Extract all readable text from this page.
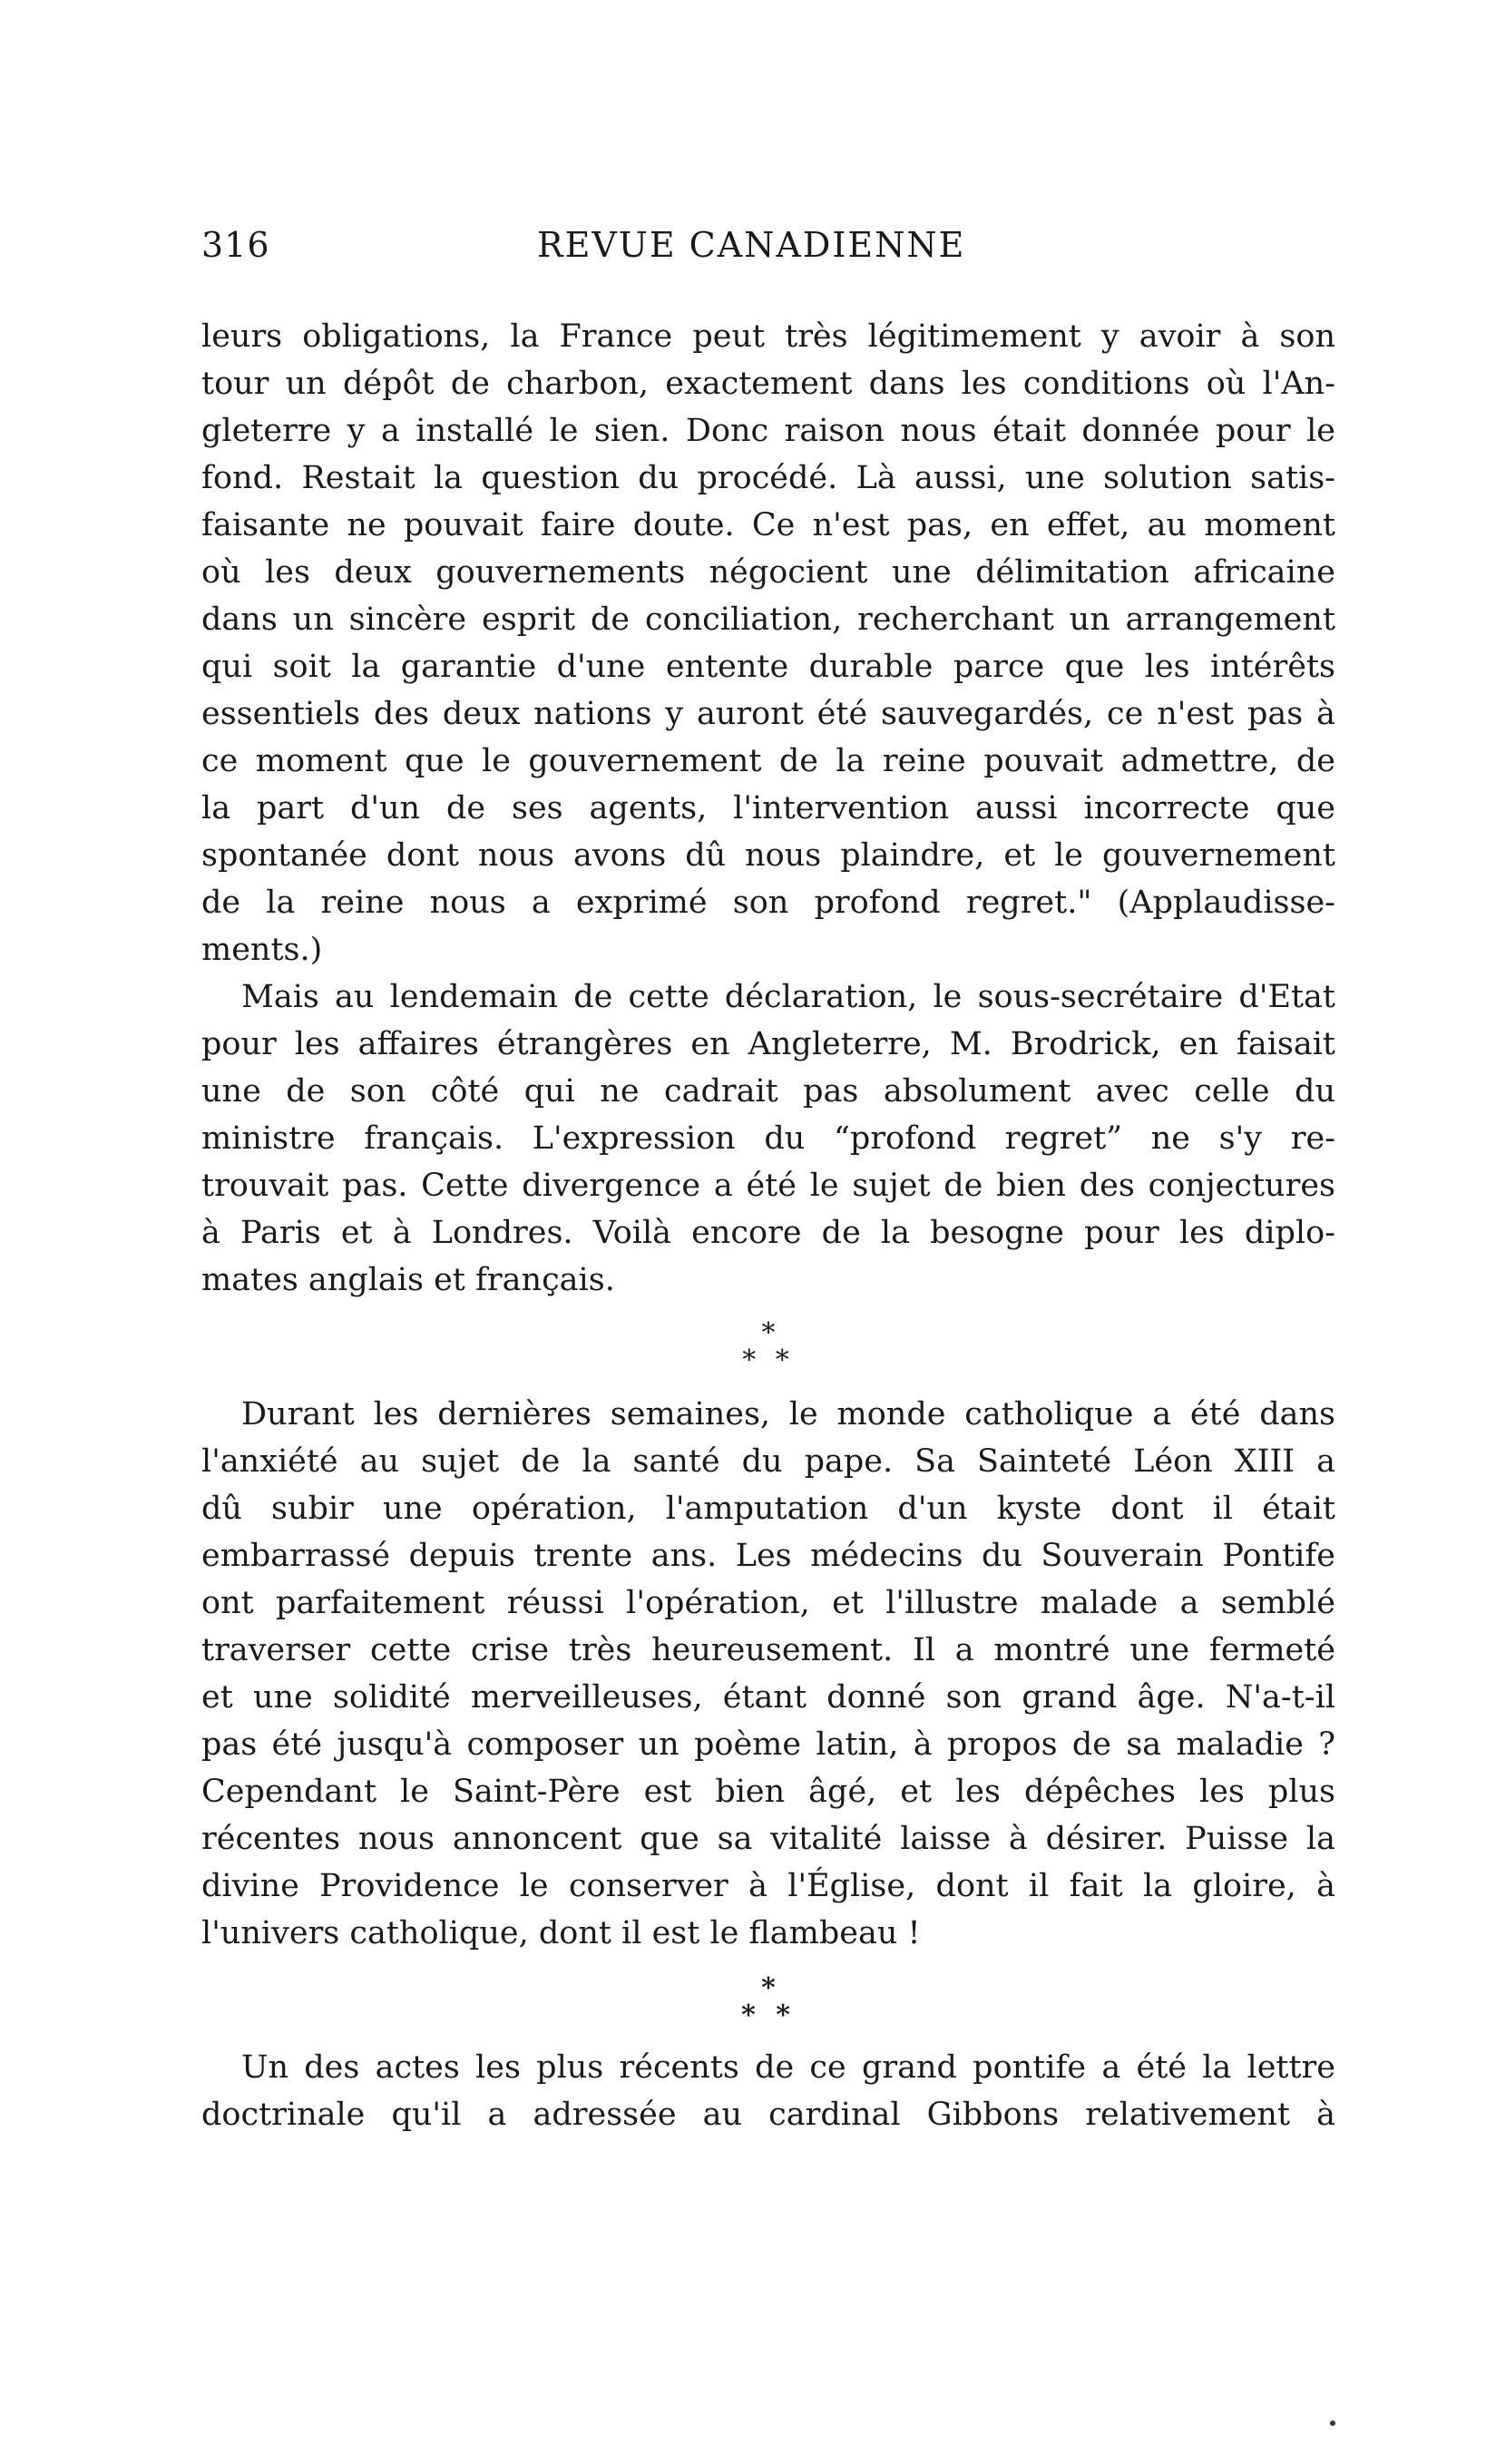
316	REVUE CANADIENNE
leurs obligations, la France peut très légitimement y avoir à son
tour un dépôt de charbon, exactement dans les conditions où l'An-
gleterre y a installé le sien. Donc raison nous était donnée pour le
fond. Restait la question du procédé. Là aussi, une solution satis-
faisante ne pouvait faire doute. Ce n'est pas, en effet, au moment
où les deux gouvernements négocient une délimitation africaine
dans un sincère esprit de conciliation, recherchant un arrangement
qui soit la garantie d'une entente durable parce que les intérêts
essentiels des deux nations y auront été sauvegardés, ce n'est pas à
ce moment que le gouvernement de la reine pouvait admettre, de
la part d'un de ses agents, l'intervention aussi incorrecte que
spontanée dont nous avons dû nous plaindre, et le gouvernement
de la reine nous a exprimé son profond regret." (Applaudisse-
ments.)
Mais au lendemain de cette déclaration, le sous-secrétaire d'Etat
pour les affaires étrangères en Angleterre, M. Brodrick, en faisait
une de son côté qui ne cadrait pas absolument avec celle du
ministre français. L'expression du “profond regret” ne s'y re-
trouvait pas. Cette divergence a été le sujet de bien des conjectures
à Paris et à Londres. Voilà encore de la besogne pour les diplo-
mates anglais et français.
*
* *
Durant les dernières semaines, le monde catholique a été dans
l'anxiété au sujet de la santé du pape. Sa Sainteté Léon XIII a
dû subir une opération, l'amputation d'un kyste dont il était
embarrassé depuis trente ans. Les médecins du Souverain Pontife
ont parfaitement réussi l'opération, et l'illustre malade a semblé
traverser cette crise très heureusement. Il a montré une fermeté
et une solidité merveilleuses, étant donné son grand âge. N'a-t-il
pas été jusqu'à composer un poème latin, à propos de sa maladie ?
Cependant le Saint-Père est bien âgé, et les dépêches les plus
récentes nous annoncent que sa vitalité laisse à désirer. Puisse la
divine Providence le conserver à l'Église, dont il fait la gloire, à
l'univers catholique, dont il est le flambeau !
*
* *
Un des actes les plus récents de ce grand pontife a été la lettre
doctrinale qu'il a adressée au cardinal Gibbons relativement à
